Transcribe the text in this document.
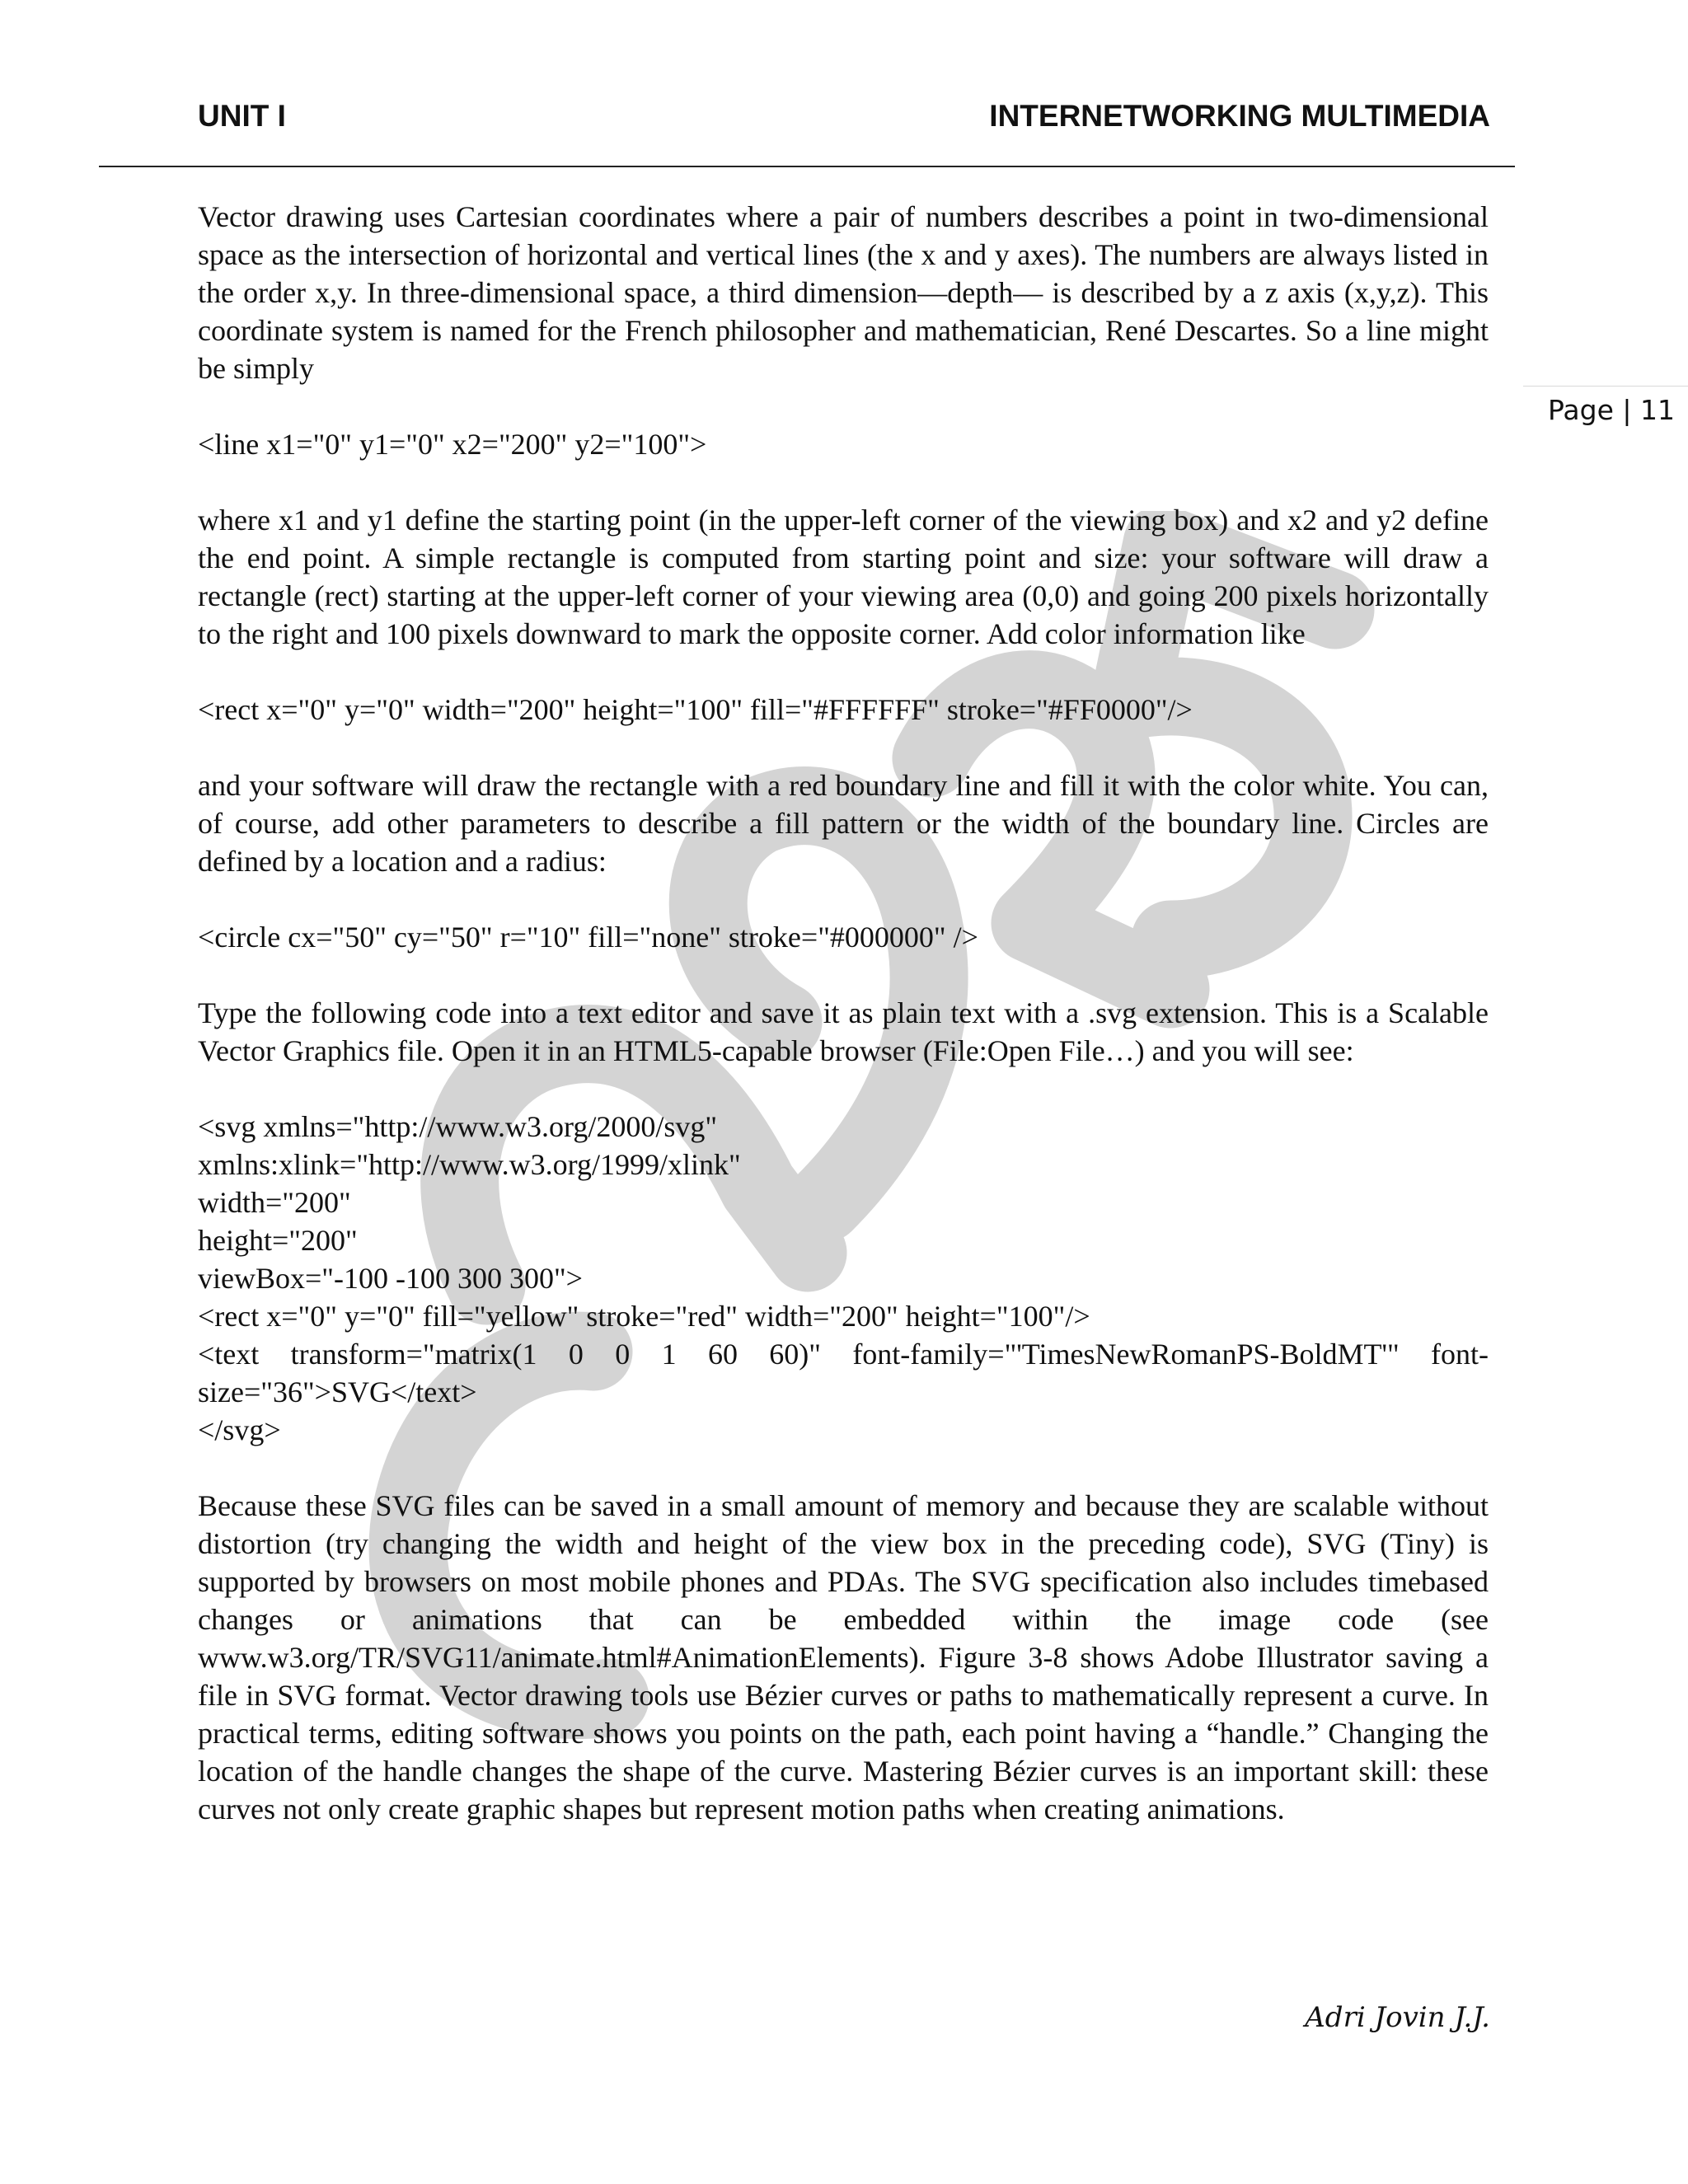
UNIT I	INTERNETWORKING MULTIMEDIA
Page | 11

Vector drawing uses Cartesian coordinates where a pair of numbers describes a point in two-dimensional space as the intersection of horizontal and vertical lines (the x and y axes). The numbers are always listed in the order x,y. In three-dimensional space, a third dimension—depth— is described by a z axis (x,y,z). This coordinate system is named for the French philosopher and mathematician, René Descartes. So a line might be simply

<line x1="0" y1="0" x2="200" y2="100">

where x1 and y1 define the starting point (in the upper-left corner of the viewing box) and x2 and y2 define the end point. A simple rectangle is computed from starting point and size: your software will draw a rectangle (rect) starting at the upper-left corner of your viewing area (0,0) and going 200 pixels horizontally to the right and 100 pixels downward to mark the opposite corner. Add color information like

<rect x="0" y="0" width="200" height="100" fill="#FFFFFF" stroke="#FF0000"/>

and your software will draw the rectangle with a red boundary line and fill it with the color white. You can, of course, add other parameters to describe a fill pattern or the width of the boundary line. Circles are defined by a location and a radius:

<circle cx="50" cy="50" r="10" fill="none" stroke="#000000" />

Type the following code into a text editor and save it as plain text with a .svg extension. This is a Scalable Vector Graphics file. Open it in an HTML5-capable browser (File:Open File…) and you will see:

<svg xmlns="http://www.w3.org/2000/svg"
xmlns:xlink="http://www.w3.org/1999/xlink"
width="200"
height="200"
viewBox="-100 -100 300 300">
<rect x="0" y="0" fill="yellow" stroke="red" width="200" height="100"/>
<text transform="matrix(1 0 0 1 60 60)" font-family="'TimesNewRomanPS-BoldMT'" font-
size="36">SVG</text>
</svg>

Because these SVG files can be saved in a small amount of memory and because they are scalable without distortion (try changing the width and height of the view box in the preceding code), SVG (Tiny) is supported by browsers on most mobile phones and PDAs. The SVG specification also includes timebased changes or animations that can be embedded within the image code (see www.w3.org/TR/SVG11/animate.html#AnimationElements). Figure 3-8 shows Adobe Illustrator saving a file in SVG format. Vector drawing tools use Bézier curves or paths to mathematically represent a curve. In practical terms, editing software shows you points on the path, each point having a “handle.” Changing the location of the handle changes the shape of the curve. Mastering Bézier curves is an important skill: these curves not only create graphic shapes but represent motion paths when creating animations.

Adri Jovin J.J.
